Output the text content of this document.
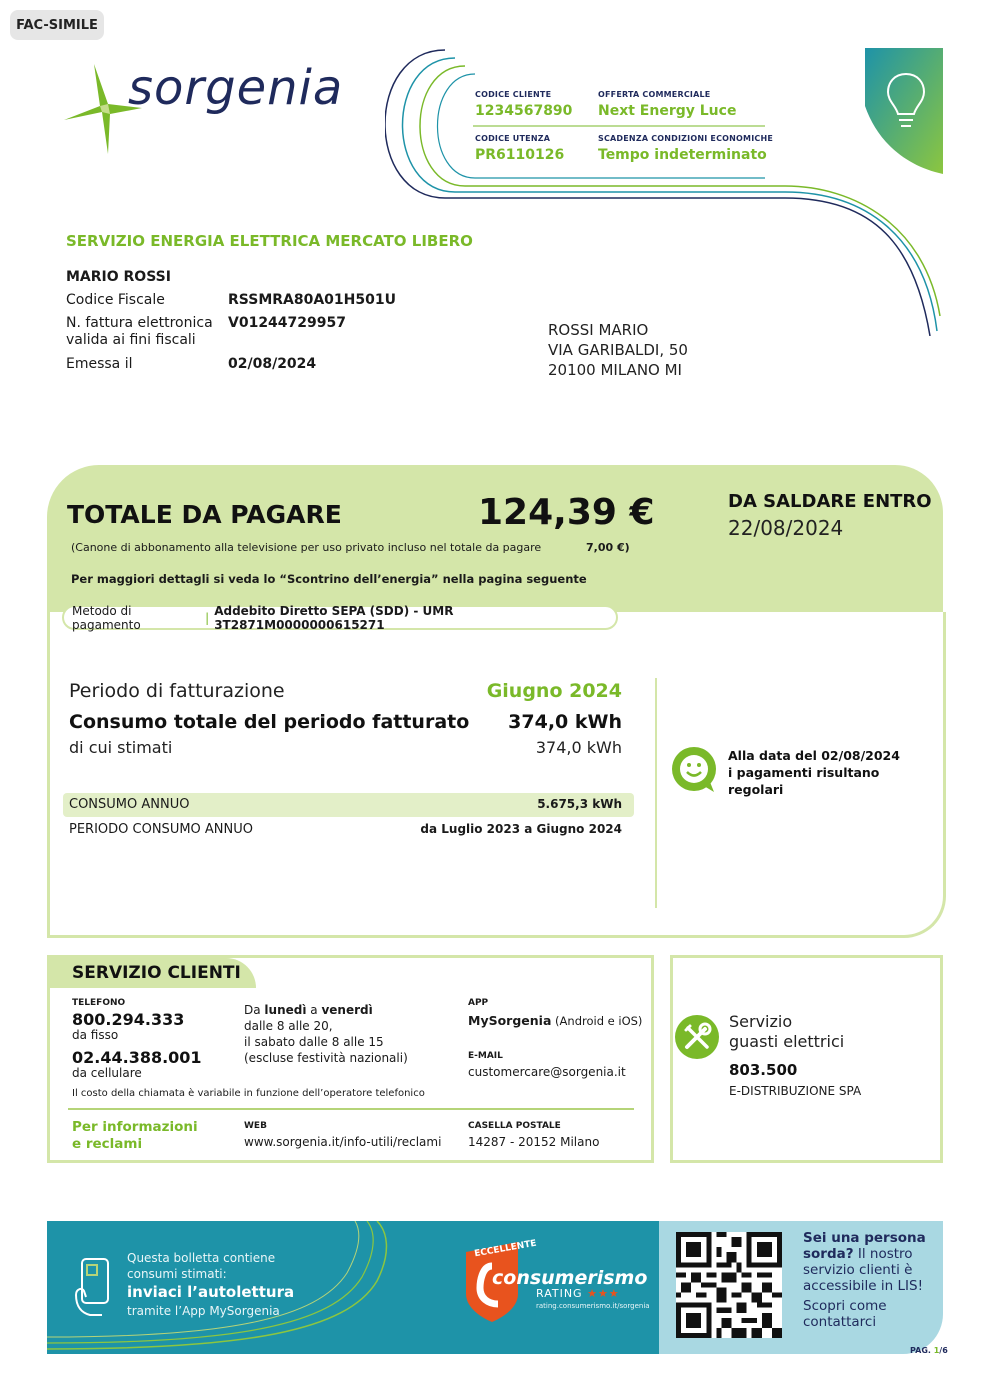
FAC-SIMILE
sorgenia	CODICE CLIENTE
1234567890
OFFERTA COMMERCIALE
Next Energy Luce
CODICE UTENZA
PR6110126
SCADENZA CONDIZIONI ECONOMICHE
Tempo indeterminato
SERVIZIO ENERGIA ELETTRICA MERCATO LIBERO
MARIO ROSSI
Codice Fiscale	RSSMRA80A01H501U
N. fattura elettronica
valida ai fini fiscali
V01244729957
Emessa il	02/08/2024
ROSSI MARIO
VIA GARIBALDI, 50
20100 MILANO MI
TOTALE DA PAGARE	124,39 €
(Canone di abbonamento alla televisione per uso privato incluso nel totale da pagare	7,00 €)
Per maggiori dettagli si veda lo “Scontrino dell’energia” nella pagina seguente
DA SALDARE ENTRO
22/08/2024
Metodo di pagamento	| Addebito Diretto SEPA (SDD) - UMR 3T2871M0000000615271
Periodo di fatturazione	Giugno 2024
Consumo totale del periodo fatturato 374,0 kWh
di cui stimati	374,0 kWh
CONSUMO ANNUO	5.675,3 kWh
PERIODO CONSUMO ANNUO	da Luglio 2023 a Giugno 2024
Alla data del 02/08/2024
i pagamenti risultano
regolari
SERVIZIO CLIENTI
TELEFONO
800.294.333
da fisso
02.44.388.001
da cellulare
Da lunedì a venerdì
dalle 8 alle 20,
il sabato dalle 8 alle 15
(escluse festività nazionali)
APP
MySorgenia (Android e iOS)
E-MAIL
customercare@sorgenia.it
Il costo della chiamata è variabile in funzione dell’operatore telefonico
Per informazioni
e reclami
WEB
www.sorgenia.it/info-utili/reclami
CASELLA POSTALE
14287 - 20152 Milano
Servizio
guasti elettrici
803.500
E-DISTRIBUZIONE SPA
Questa bolletta contiene
consumi stimati:
inviaci l’autolettura
tramite l’App MySorgenia
ECCELLENTE
consumerismo
RATING ★★★
rating.consumerismo.it/sorgenia
Sei una persona
sorda? Il nostro
servizio clienti è
accessibile in LIS!
Scopri come
contattarci
PAG. 1/6
